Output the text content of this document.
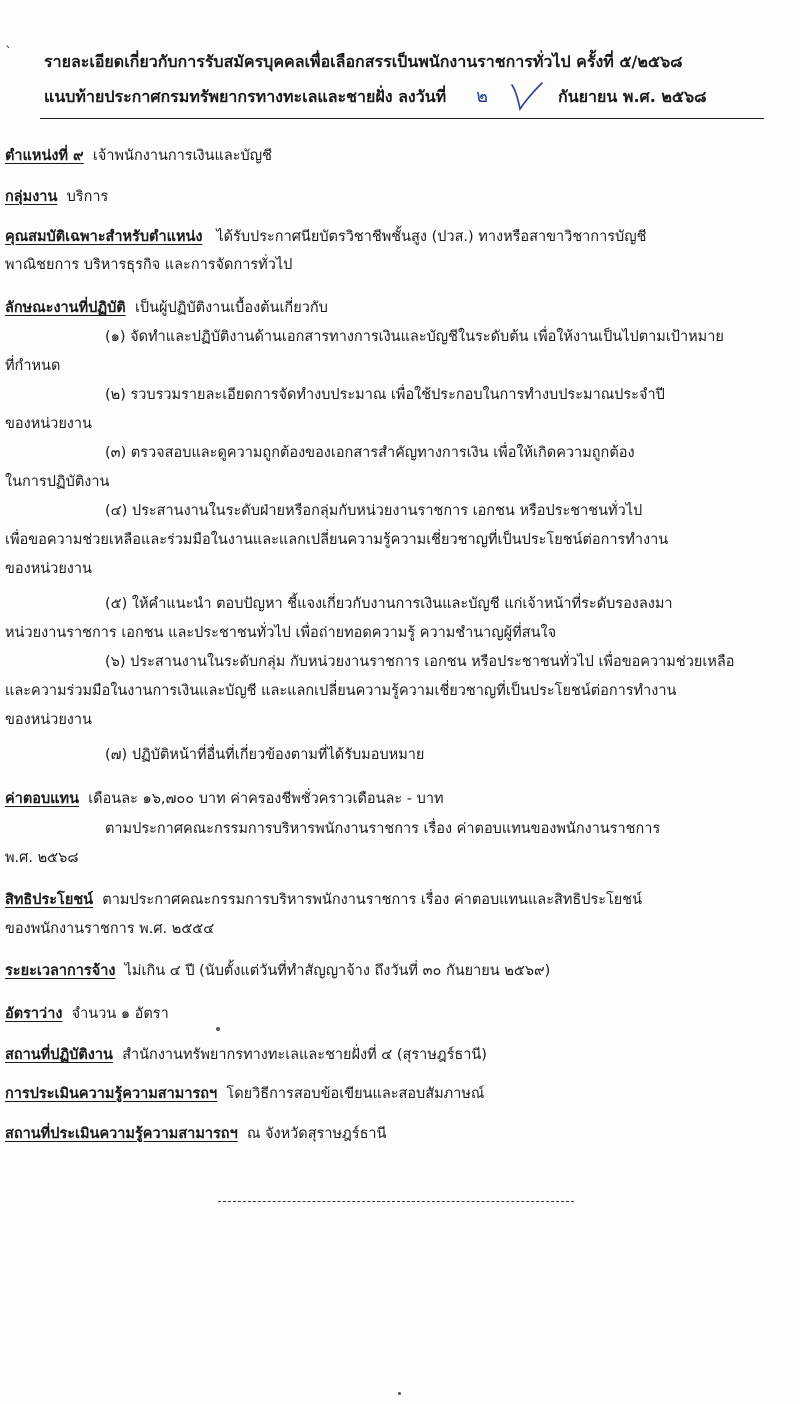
` รายละเอียดเกี่ยวกับการรับสมัครบุคคลเพื่อเลือกสรรเป็นพนักงานราชการทั่วไป ครั้งที่ ๕/๒๕๖๘
แนบท้ายประกาศกรมทรัพยากรทางทะเลและชายฝั่ง ลงวันที่ ๒	กันยายน พ.ศ. ๒๕๖๘
ตำแหน่งที่ ๙ เจ้าพนักงานการเงินและบัญชี
กลุ่มงาน บริการ
คุณสมบัติเฉพาะสำหรับตำแหน่ง ได้รับประกาศนียบัตรวิชาชีพชั้นสูง (ปวส.) ทางหรือสาขาวิชาการบัญชี
พาณิชยการ บริหารธุรกิจ และการจัดการทั่วไป
ลักษณะงานที่ปฏิบัติ เป็นผู้ปฏิบัติงานเบื้องต้นเกี่ยวกับ
(๑) จัดทำและปฏิบัติงานด้านเอกสารทางการเงินและบัญชีในระดับต้น เพื่อให้งานเป็นไปตามเป้าหมาย
ที่กำหนด
(๒) รวบรวมรายละเอียดการจัดทำงบประมาณ เพื่อใช้ประกอบในการทำงบประมาณประจำปี
ของหน่วยงาน
(๓) ตรวจสอบและดูความถูกต้องของเอกสารสำคัญทางการเงิน เพื่อให้เกิดความถูกต้อง
ในการปฏิบัติงาน
(๔) ประสานงานในระดับฝ่ายหรือกลุ่มกับหน่วยงานราชการ เอกชน หรือประชาชนทั่วไป
เพื่อขอความช่วยเหลือและร่วมมือในงานและแลกเปลี่ยนความรู้ความเชี่ยวชาญที่เป็นประโยชน์ต่อการทำงาน
ของหน่วยงาน
(๕) ให้คำแนะนำ ตอบปัญหา ชี้แจงเกี่ยวกับงานการเงินและบัญชี แก่เจ้าหน้าที่ระดับรองลงมา
หน่วยงานราชการ เอกชน และประชาชนทั่วไป เพื่อถ่ายทอดความรู้ ความชำนาญผู้ที่สนใจ
(๖) ประสานงานในระดับกลุ่ม กับหน่วยงานราชการ เอกชน หรือประชาชนทั่วไป เพื่อขอความช่วยเหลือ
และความร่วมมือในงานการเงินและบัญชี และแลกเปลี่ยนความรู้ความเชี่ยวชาญที่เป็นประโยชน์ต่อการทำงาน
ของหน่วยงาน
(๗) ปฏิบัติหน้าที่อื่นที่เกี่ยวข้องตามที่ได้รับมอบหมาย
ค่าตอบแทน เดือนละ ๑๖,๗๐๐ บาท ค่าครองชีพชั่วคราวเดือนละ - บาท
ตามประกาศคณะกรรมการบริหารพนักงานราชการ เรื่อง ค่าตอบแทนของพนักงานราชการ
พ.ศ. ๒๕๖๘
สิทธิประโยชน์ ตามประกาศคณะกรรมการบริหารพนักงานราชการ เรื่อง ค่าตอบแทนและสิทธิประโยชน์
ของพนักงานราชการ พ.ศ. ๒๕๕๔
ระยะเวลาการจ้าง ไม่เกิน ๔ ปี (นับตั้งแต่วันที่ทำสัญญาจ้าง ถึงวันที่ ๓๐ กันยายน ๒๕๖๙)
อัตราว่าง จำนวน ๑ อัตรา
สถานที่ปฏิบัติงาน สำนักงานทรัพยากรทางทะเลและชายฝั่งที่ ๔ (สุราษฎร์ธานี)
การประเมินความรู้ความสามารถฯ โดยวิธีการสอบข้อเขียนและสอบสัมภาษณ์
สถานที่ประเมินความรู้ความสามารถฯ ณ จังหวัดสุราษฎร์ธานี
